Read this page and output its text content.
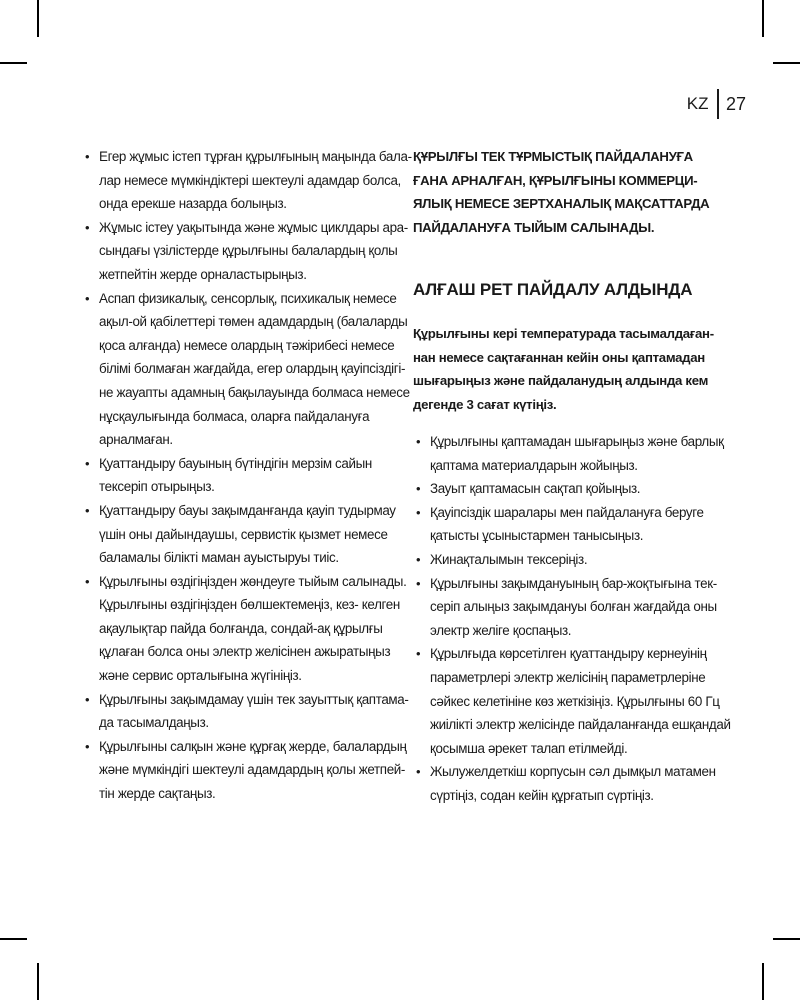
KZ 27
• Егер жұмыс істеп тұрған құрылғының маңында бала-
лар немесе мүмкіндіктері шектеулі адамдар болса,
онда ерекше назарда болыңыз.
• Жұмыс істеу уақытында және жұмыс циклдары ара-
сындағы үзілістерде құрылғыны балалардың қолы
жетпейтін жерде орналастырыңыз.
• Аспап физикалық, сенсорлық, психикалық немесе
ақыл-ой қабілеттері төмен адамдардың (балаларды
қоса алғанда) немесе олардың тәжірибесі немесе
білімі болмаған жағдайда, егер олардың қауіпсіздігі-
не жауапты адамның бақылауында болмаса немесе
нұсқаулығында болмаса, оларға пайдалануға
арналмаған.
• Қуаттандыру бауының бүтіндігін мерзім сайын
тексеріп отырыңыз.
• Қуаттандыру бауы зақымданғанда қауіп тудырмау
үшін оны дайындаушы, сервистік қызмет немесе
баламалы білікті маман ауыстыруы тиіс.
• Құрылғыны өздігіңізден жөндеуге тыйым салынады.
Құрылғыны өздігіңізден бөлшектемеңіз, кез- келген
ақаулықтар пайда болғанда, сондай-ақ құрылғы
құлаған болса оны электр желісінен ажыратыңыз
және сервис орталығына жүгініңіз.
• Құрылғыны зақымдамау үшін тек зауыттық қаптама-
да тасымалдаңыз.
• Құрылғыны салқын және құрғақ жерде, балалардың
және мүмкіндігі шектеулі адамдардың қолы жетпей-
тін жерде сақтаңыз.

ҚҰРЫЛҒЫ ТЕК ТҰРМЫСТЫҚ ПАЙДАЛАНУҒА
ҒАНА АРНАЛҒАН, ҚҰРЫЛҒЫНЫ КОММЕРЦИ-
ЯЛЫҚ НЕМЕСЕ ЗЕРТХАНАЛЫҚ МАҚСАТТАРДА
ПАЙДАЛАНУҒА ТЫЙЫМ САЛЫНАДЫ.

АЛҒАШ РЕТ ПАЙДАЛУ АЛДЫНДА

Құрылғыны кері температурада тасымалдаған-
нан немесе сақтағаннан кейін оны қаптамадан
шығарыңыз және пайдаланудың алдында кем
дегенде 3 сағат күтіңіз.

• Құрылғыны қаптамадан шығарыңыз және барлық
қаптама материалдарын жойыңыз.
• Зауыт қаптамасын сақтап қойыңыз.
• Қауіпсіздік шаралары мен пайдалануға беруге
қатысты ұсыныстармен танысыңыз.
• Жинақталымын тексеріңіз.
• Құрылғыны зақымдануының бар-жоқтығына тек-
серіп алыңыз зақымдануы болған жағдайда оны
электр желіге қоспаңыз.
• Құрылғыда көрсетілген қуаттандыру кернеуінің
параметрлері электр желісінің параметрлеріне
сәйкес келетініне көз жеткізіңіз. Құрылғыны 60 Гц
жиілікті электр желісінде пайдаланғанда ешқандай
қосымша әрекет талап етілмейді.
• Жылужелдеткіш корпусын сәл дымқыл матамен
сүртіңіз, содан кейін құрғатып сүртіңіз.
